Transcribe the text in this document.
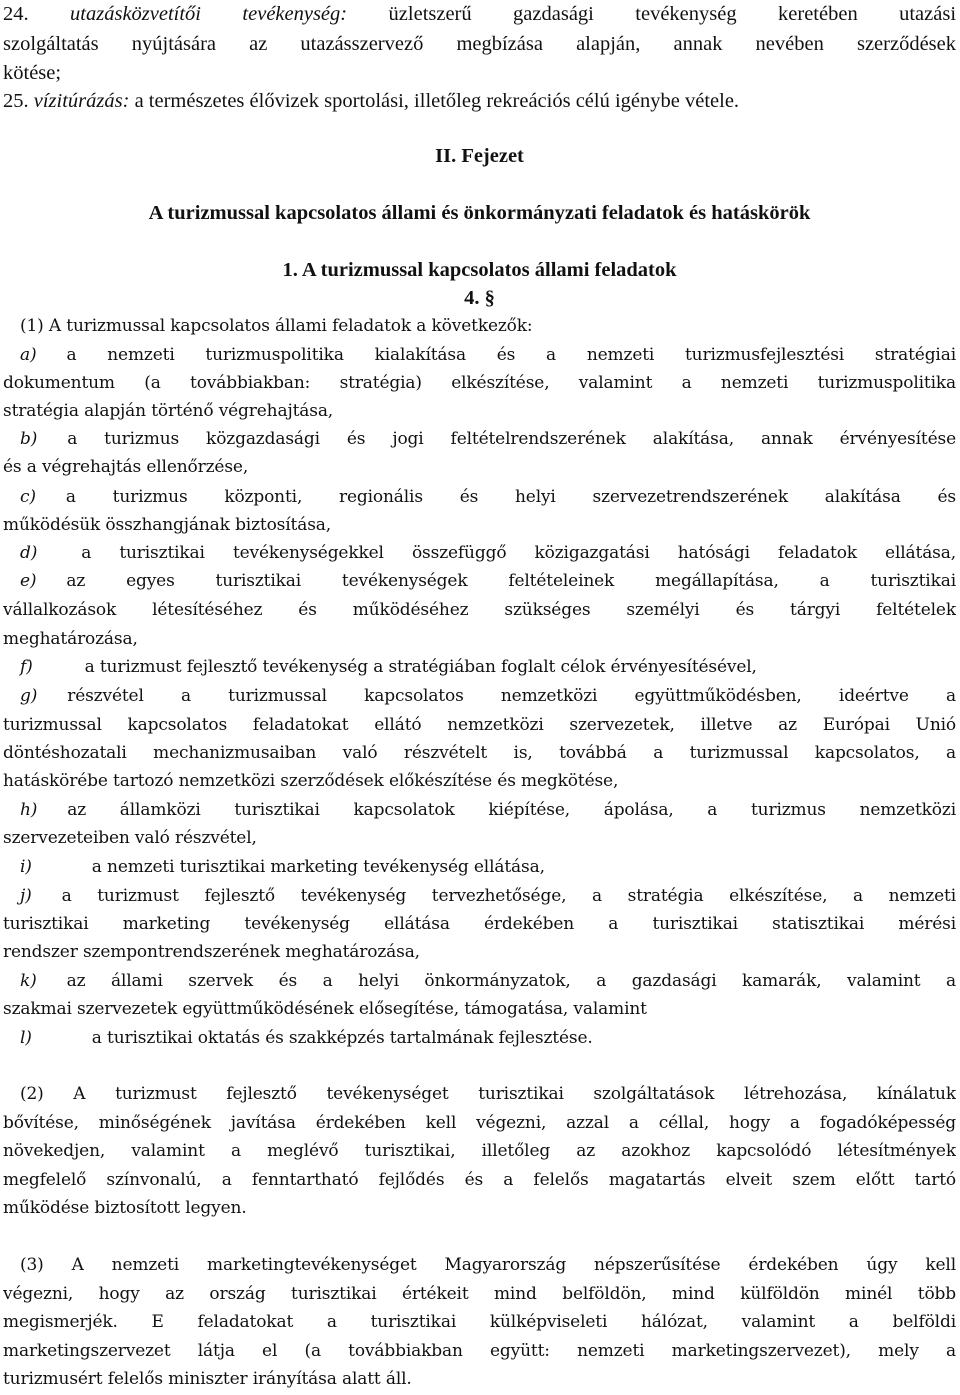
24. utazásközvetítői tevékenység: üzletszerű gazdasági tevékenység keretében utazási
szolgáltatás nyújtására az utazásszervező megbízása alapján, annak nevében szerződések
kötése;
25. vízitúrázás: a természetes élővizek sportolási, illetőleg rekreációs célú igénybe vétele.
II. Fejezet
A turizmussal kapcsolatos állami és önkormányzati feladatok és hatáskörök
1. A turizmussal kapcsolatos állami feladatok
4. §
(1) A turizmussal kapcsolatos állami feladatok a következők:
a) a nemzeti turizmuspolitika kialakítása és a nemzeti turizmusfejlesztési stratégiai
dokumentum (a továbbiakban: stratégia) elkészítése, valamint a nemzeti turizmuspolitika
stratégia alapján történő végrehajtása,
b) a turizmus közgazdasági és jogi feltételrendszerének alakítása, annak érvényesítése
és a végrehajtás ellenőrzése,
c) a turizmus központi, regionális és helyi szervezetrendszerének alakítása és
működésük összhangjának biztosítása,
d)	a turisztikai tevékenységekkel összefüggő közigazgatási hatósági feladatok ellátása,
e) az egyes turisztikai tevékenységek feltételeinek megállapítása, a turisztikai
vállalkozások létesítéséhez és működéséhez szükséges személyi és tárgyi feltételek
meghatározása,
f)	a turizmust fejlesztő tevékenység a stratégiában foglalt célok érvényesítésével,
g) részvétel a turizmussal kapcsolatos nemzetközi együttműködésben, ideértve a
turizmussal kapcsolatos feladatokat ellátó nemzetközi szervezetek, illetve az Európai Unió
döntéshozatali mechanizmusaiban való részvételt is, továbbá a turizmussal kapcsolatos, a
hatáskörébe tartozó nemzetközi szerződések előkészítése és megkötése,
h) az államközi turisztikai kapcsolatok kiépítése, ápolása, a turizmus nemzetközi
szervezeteiben való részvétel,
i)	a nemzeti turisztikai marketing tevékenység ellátása,
j) a turizmust fejlesztő tevékenység tervezhetősége, a stratégia elkészítése, a nemzeti
turisztikai marketing tevékenység ellátása érdekében a turisztikai statisztikai mérési
rendszer szempontrendszerének meghatározása,
k) az állami szervek és a helyi önkormányzatok, a gazdasági kamarák, valamint a
szakmai szervezetek együttműködésének elősegítése, támogatása, valamint
l)	a turisztikai oktatás és szakképzés tartalmának fejlesztése.
(2) A turizmust fejlesztő tevékenységet turisztikai szolgáltatások létrehozása, kínálatuk
bővítése, minőségének javítása érdekében kell végezni, azzal a céllal, hogy a fogadóképesség
növekedjen, valamint a meglévő turisztikai, illetőleg az azokhoz kapcsolódó létesítmények
megfelelő színvonalú, a fenntartható fejlődés és a felelős magatartás elveit szem előtt tartó
működése biztosított legyen.
(3) A nemzeti marketingtevékenységet Magyarország népszerűsítése érdekében úgy kell
végezni, hogy az ország turisztikai értékeit mind belföldön, mind külföldön minél több
megismerjék. E feladatokat a turisztikai külképviseleti hálózat, valamint a belföldi
marketingszervezet látja el (a továbbiakban együtt: nemzeti marketingszervezet), mely a
turizmusért felelős miniszter irányítása alatt áll.
